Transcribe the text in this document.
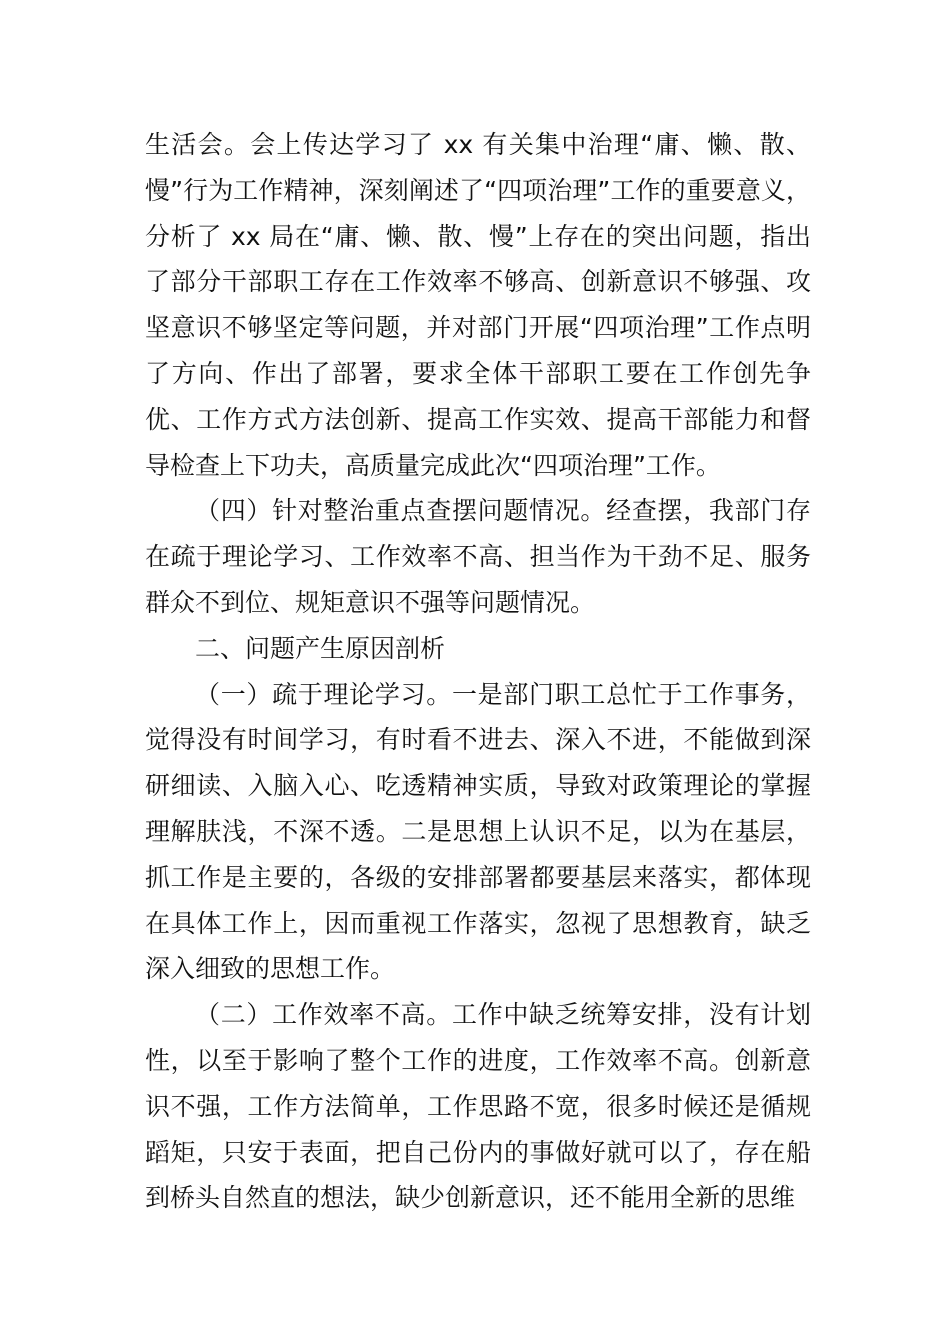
生活会。会上传达学习了 xx 有关集中治理“庸、懒、散、慢”行为工作精神，深刻阐述了“四项治理”工作的重要意义，分析了 xx 局在“庸、懒、散、慢”上存在的突出问题，指出了部分干部职工存在工作效率不够高、创新意识不够强、攻坚意识不够坚定等问题，并对部门开展“四项治理”工作点明了方向、作出了部署，要求全体干部职工要在工作创先争优、工作方式方法创新、提高工作实效、提高干部能力和督导检查上下功夫，高质量完成此次“四项治理”工作。

（四）针对整治重点查摆问题情况。经查摆，我部门存在疏于理论学习、工作效率不高、担当作为干劲不足、服务群众不到位、规矩意识不强等问题情况。

二、问题产生原因剖析

（一）疏于理论学习。一是部门职工总忙于工作事务，觉得没有时间学习，有时看不进去、深入不进，不能做到深研细读、入脑入心、吃透精神实质，导致对政策理论的掌握理解肤浅，不深不透。二是思想上认识不足，以为在基层，抓工作是主要的，各级的安排部署都要基层来落实，都体现在具体工作上，因而重视工作落实，忽视了思想教育，缺乏深入细致的思想工作。

（二）工作效率不高。工作中缺乏统筹安排，没有计划性，以至于影响了整个工作的进度，工作效率不高。创新意识不强，工作方法简单，工作思路不宽，很多时候还是循规蹈矩，只安于表面，把自己份内的事做好就可以了，存在船到桥头自然直的想法，缺少创新意识，还不能用全新的思维
